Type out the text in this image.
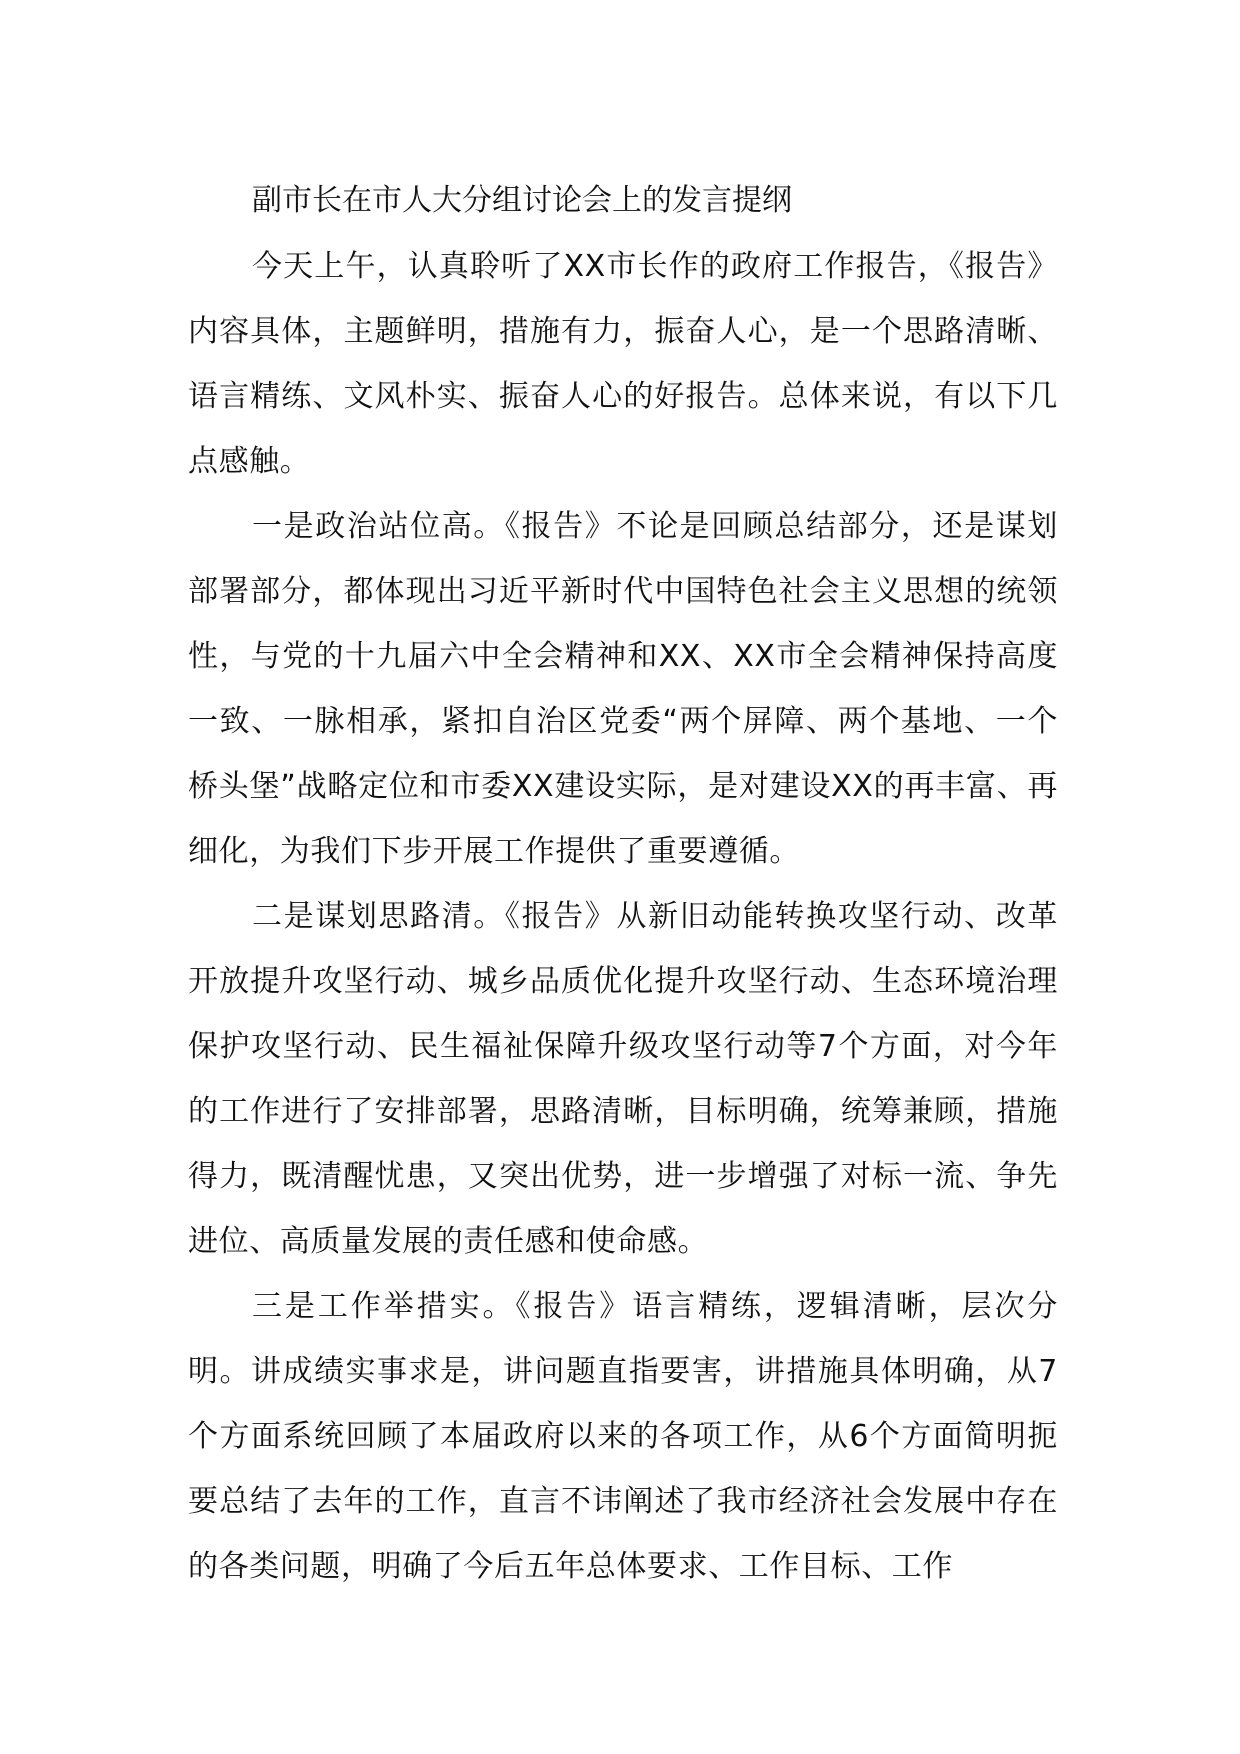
副市长在市人大分组讨论会上的发言提纲

今天上午，认真聆听了XX市长作的政府工作报告，《报告》内容具体，主题鲜明，措施有力，振奋人心，是一个思路清晰、语言精练、文风朴实、振奋人心的好报告。总体来说，有以下几点感触。

一是政治站位高。《报告》不论是回顾总结部分，还是谋划部署部分，都体现出习近平新时代中国特色社会主义思想的统领性，与党的十九届六中全会精神和XX、XX市全会精神保持高度一致、一脉相承，紧扣自治区党委“两个屏障、两个基地、一个桥头堡”战略定位和市委XX建设实际，是对建设XX的再丰富、再细化，为我们下步开展工作提供了重要遵循。

二是谋划思路清。《报告》从新旧动能转换攻坚行动、改革开放提升攻坚行动、城乡品质优化提升攻坚行动、生态环境治理保护攻坚行动、民生福祉保障升级攻坚行动等7个方面，对今年的工作进行了安排部署，思路清晰，目标明确，统筹兼顾，措施得力，既清醒忧患，又突出优势，进一步增强了对标一流、争先进位、高质量发展的责任感和使命感。

三是工作举措实。《报告》语言精练，逻辑清晰，层次分明。讲成绩实事求是，讲问题直指要害，讲措施具体明确，从7个方面系统回顾了本届政府以来的各项工作，从6个方面简明扼要总结了去年的工作，直言不讳阐述了我市经济社会发展中存在的各类问题，明确了今后五年总体要求、工作目标、工作
